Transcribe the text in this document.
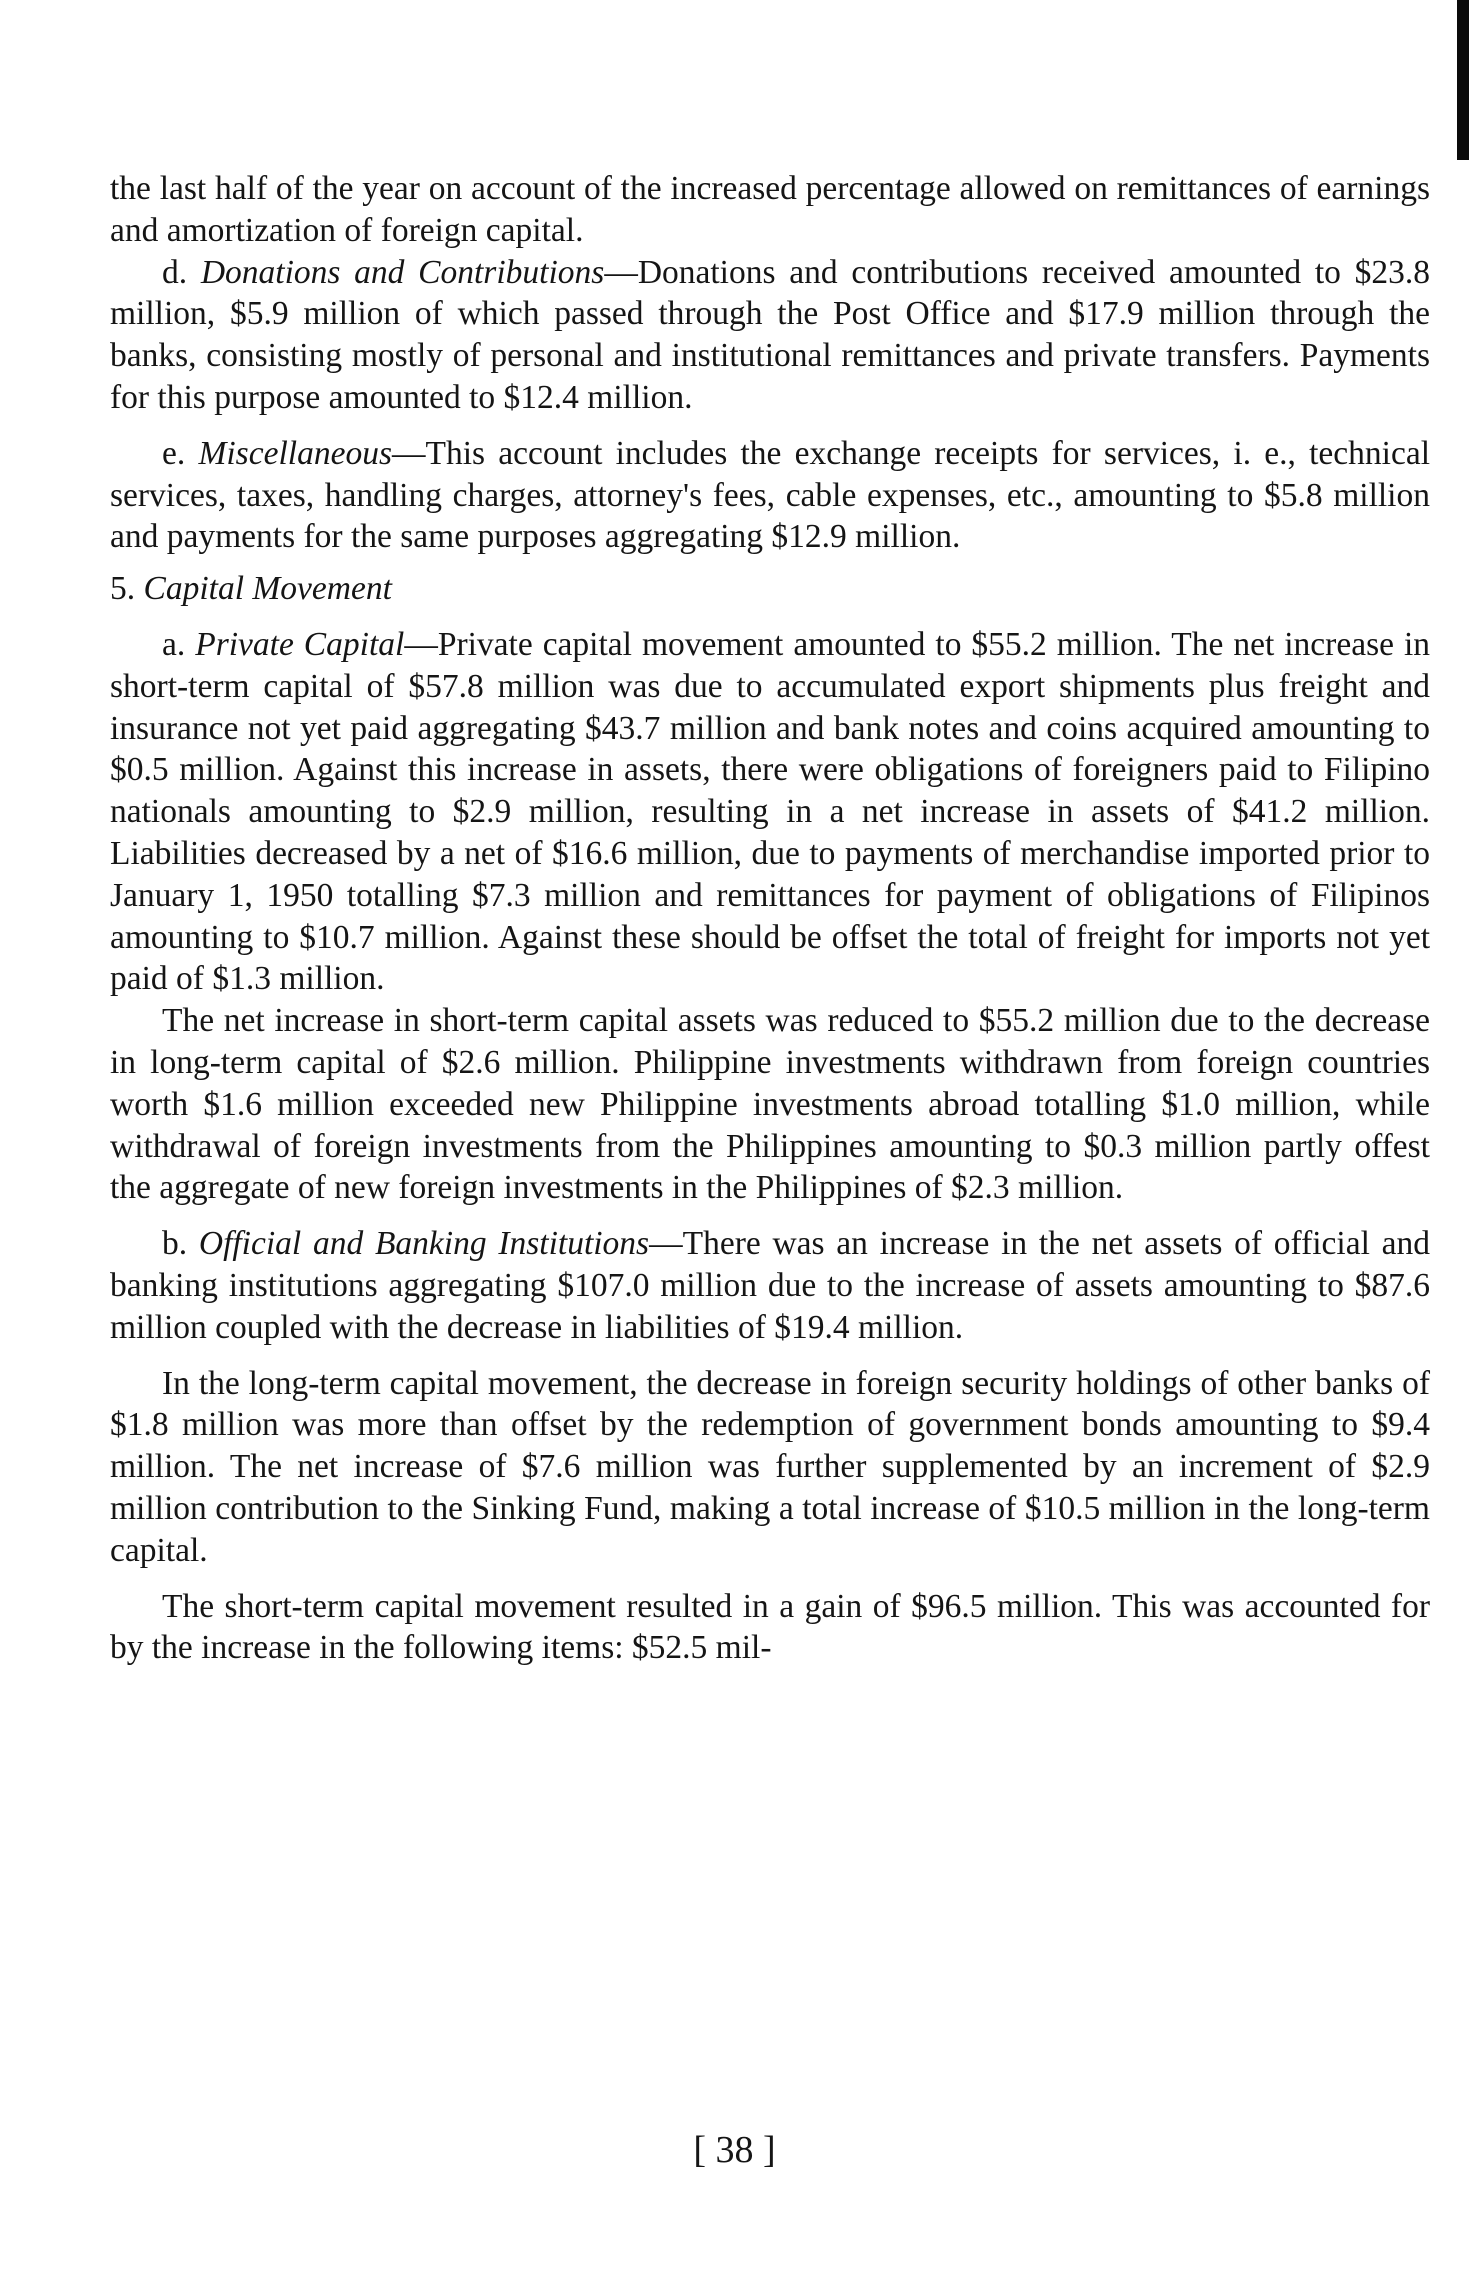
the last half of the year on account of the increased percentage allowed on remittances of earnings and amortization of foreign capital.

d. Donations and Contributions—Donations and contributions received amounted to $23.8 million, $5.9 million of which passed through the Post Office and $17.9 million through the banks, consisting mostly of personal and institutional remittances and private transfers. Payments for this purpose amounted to $12.4 million.

e. Miscellaneous—This account includes the exchange receipts for services, i. e., technical services, taxes, handling charges, attorney's fees, cable expenses, etc., amounting to $5.8 million and payments for the same purposes aggregating $12.9 million.

5. Capital Movement

a. Private Capital—Private capital movement amounted to $55.2 million. The net increase in short-term capital of $57.8 million was due to accumulated export shipments plus freight and insurance not yet paid aggregating $43.7 million and bank notes and coins acquired amounting to $0.5 million. Against this increase in assets, there were obligations of foreigners paid to Filipino nationals amounting to $2.9 million, resulting in a net increase in assets of $41.2 million. Liabilities decreased by a net of $16.6 million, due to payments of merchandise imported prior to January 1, 1950 totalling $7.3 million and remittances for payment of obligations of Filipinos amounting to $10.7 million. Against these should be offset the total of freight for imports not yet paid of $1.3 million.

The net increase in short-term capital assets was reduced to $55.2 million due to the decrease in long-term capital of $2.6 million. Philippine investments withdrawn from foreign countries worth $1.6 million exceeded new Philippine investments abroad totalling $1.0 million, while withdrawal of foreign investments from the Philippines amounting to $0.3 million partly offest the aggregate of new foreign investments in the Philippines of $2.3 million.

b. Official and Banking Institutions—There was an increase in the net assets of official and banking institutions aggregating $107.0 million due to the increase of assets amounting to $87.6 million coupled with the decrease in liabilities of $19.4 million.

In the long-term capital movement, the decrease in foreign security holdings of other banks of $1.8 million was more than offset by the redemption of government bonds amounting to $9.4 million. The net increase of $7.6 million was further supplemented by an increment of $2.9 million contribution to the Sinking Fund, making a total increase of $10.5 million in the long-term capital.

The short-term capital movement resulted in a gain of $96.5 million. This was accounted for by the increase in the following items: $52.5 mil-

[ 38 ]
